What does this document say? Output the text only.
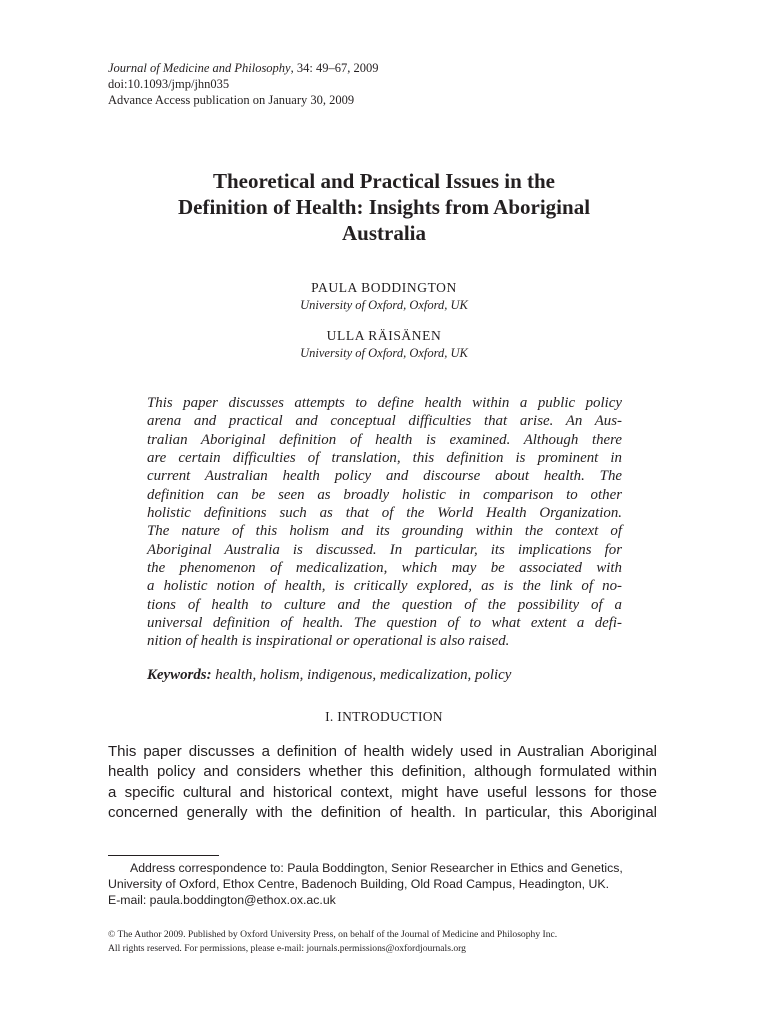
Journal of Medicine and Philosophy, 34: 49–67, 2009
doi:10.1093/jmp/jhn035
Advance Access publication on January 30, 2009
Theoretical and Practical Issues in the
Definition of Health: Insights from Aboriginal
Australia
PAULA BODDINGTON
University of Oxford, Oxford, UK
ULLA RÄISÄNEN
University of Oxford, Oxford, UK
This paper discusses attempts to define health within a public policy
arena and practical and conceptual difficulties that arise. An Aus-
tralian Aboriginal definition of health is examined. Although there
are certain difficulties of translation, this definition is prominent in
current Australian health policy and discourse about health. The
definition can be seen as broadly holistic in comparison to other
holistic definitions such as that of the World Health Organization.
The nature of this holism and its grounding within the context of
Aboriginal Australia is discussed. In particular, its implications for
the phenomenon of medicalization, which may be associated with
a holistic notion of health, is critically explored, as is the link of no-
tions of health to culture and the question of the possibility of a
universal definition of health. The question of to what extent a defi-
nition of health is inspirational or operational is also raised.
Keywords: health, holism, indigenous, medicalization, policy
I. INTRODUCTION
This paper discusses a definition of health widely used in Australian Aboriginal
health policy and considers whether this definition, although formulated within
a specific cultural and historical context, might have useful lessons for those
concerned generally with the definition of health. In particular, this Aboriginal
Address correspondence to: Paula Boddington, Senior Researcher in Ethics and Genetics,
University of Oxford, Ethox Centre, Badenoch Building, Old Road Campus, Headington, UK.
E-mail: paula.boddington@ethox.ox.ac.uk
© The Author 2009. Published by Oxford University Press, on behalf of the Journal of Medicine and Philosophy Inc.
All rights reserved. For permissions, please e-mail: journals.permissions@oxfordjournals.org
